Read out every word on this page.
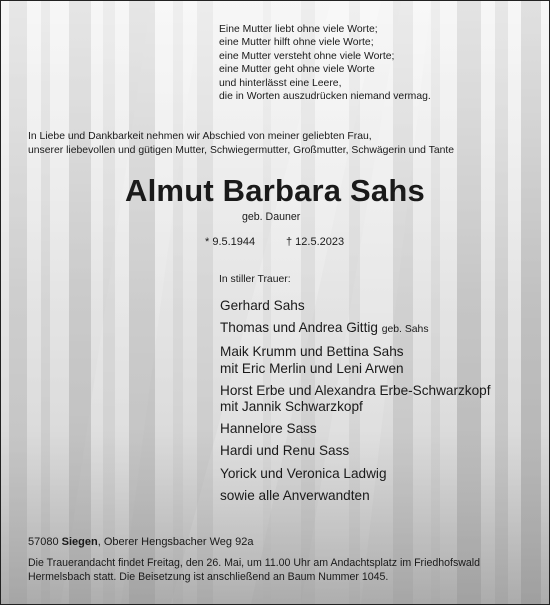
Eine Mutter liebt ohne viele Worte;
eine Mutter hilft ohne viele Worte;
eine Mutter versteht ohne viele Worte;
eine Mutter geht ohne viele Worte
und hinterlässt eine Leere,
die in Worten auszudrücken niemand vermag.
In Liebe und Dankbarkeit nehmen wir Abschied von meiner geliebten Frau,
unserer liebevollen und gütigen Mutter, Schwiegermutter, Großmutter, Schwägerin und Tante
Almut Barbara Sahs
geb. Dauner
* 9.5.1944	† 12.5.2023
In stiller Trauer:
Gerhard Sahs
Thomas und Andrea Gittig geb. Sahs
Maik Krumm und Bettina Sahs
mit Eric Merlin und Leni Arwen
Horst Erbe und Alexandra Erbe-Schwarzkopf
mit Jannik Schwarzkopf
Hannelore Sass
Hardi und Renu Sass
Yorick und Veronica Ladwig
sowie alle Anverwandten
57080 Siegen, Oberer Hengsbacher Weg 92a
Die Trauerandacht findet Freitag, den 26. Mai, um 11.00 Uhr am Andachtsplatz im Friedhofswald
Hermelsbach statt. Die Beisetzung ist anschließend an Baum Nummer 1045.
